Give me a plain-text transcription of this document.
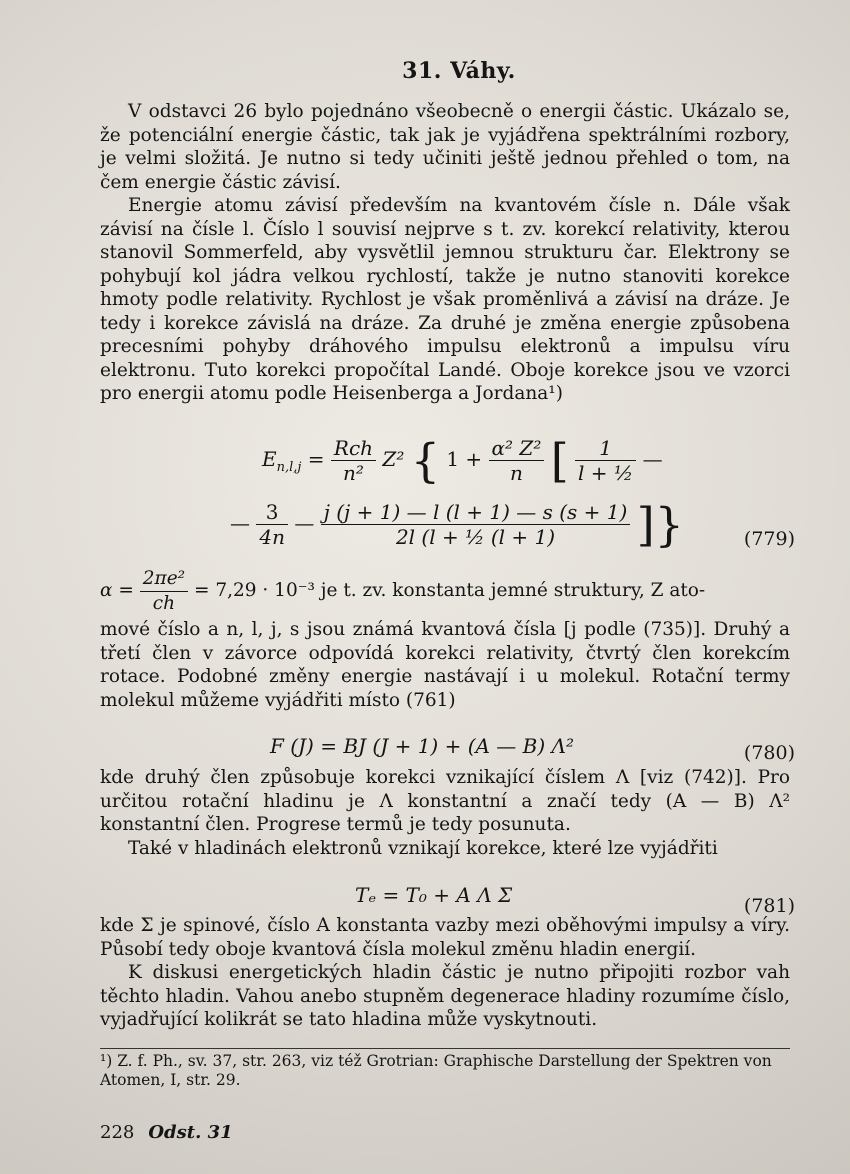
31. Váhy.

V odstavci 26 bylo pojednáno všeobecně o energii částic. Ukázalo se, že potenciální energie částic, tak jak je vyjádřena spektrálními rozbory, je velmi složitá. Je nutno si tedy učiniti ještě jednou přehled o tom, na čem energie částic závisí.

Energie atomu závisí především na kvantovém čísle n. Dále však závisí na čísle l. Číslo l souvisí nejprve s t. zv. korekcí relativity, kterou stanovil Sommerfeld, aby vysvětlil jemnou strukturu čar. Elektrony se pohybují kol jádra velkou rychlostí, takže je nutno stanoviti korekce hmoty podle relativity. Rychlost je však proměnlivá a závisí na dráze. Je tedy i korekce závislá na dráze. Za druhé je změna energie způsobena precesními pohyby dráhového impulsu elektronů a impulsu víru elektronu. Tuto korekci propočítal Landé. Oboje korekce jsou ve vzorci pro energii atomu podle Heisenberga a Jordana¹)

$E_{n,l,j} = \frac{\text{Rch}}{\text{n²}} Z^2$ { $1 + \frac{\text{α² Z²}}{n}$ [ $\frac{1}{\text{l + ½}}$ —
— $\frac{3}{4n}$ — $\frac{j (j + 1) — l (l + 1) — s (s + 1)}{\text{2l (l + ½ (l + 1)}}$ ]}	(779)
$\alpha = \frac{\text{2πe²}}{ch} = 7,29 \cdot 10^{-3}$ je t. zv. konstanta jemné struktury, Z ato-

mové číslo a n, l, j, s jsou známá kvantová čísla [j podle (735)]. Druhý a třetí člen v závorce odpovídá korekci relativity, čtvrtý člen korekcím rotace. Podobné změny energie nastávají i u molekul. Rotační termy molekul můžeme vyjádřiti místo (761)

F (J) = BJ (J + 1) + (A — B) Λ²	(780)

kde druhý člen způsobuje korekci vznikající číslem Λ [viz (742)]. Pro určitou rotační hladinu je Λ konstantní a značí tedy (A — B) Λ² konstantní člen. Progrese termů je tedy posunuta.

Také v hladinách elektronů vznikají korekce, které lze vyjádřiti

Tₑ = T₀ + A Λ Σ	(781)

kde Σ je spinové, číslo A konstanta vazby mezi oběhovými impulsy a víry. Působí tedy oboje kvantová čísla molekul změnu hladin energií.

K diskusi energetických hladin částic je nutno připojiti rozbor vah těchto hladin. Vahou anebo stupněm degenerace hladiny rozumíme číslo, vyjadřující kolikrát se tato hladina může vyskytnouti.

¹) Z. f. Ph., sv. 37, str. 263, viz též Grotrian: Graphische Darstellung der Spektren von Atomen, I, str. 29.
228 Odst. 31
